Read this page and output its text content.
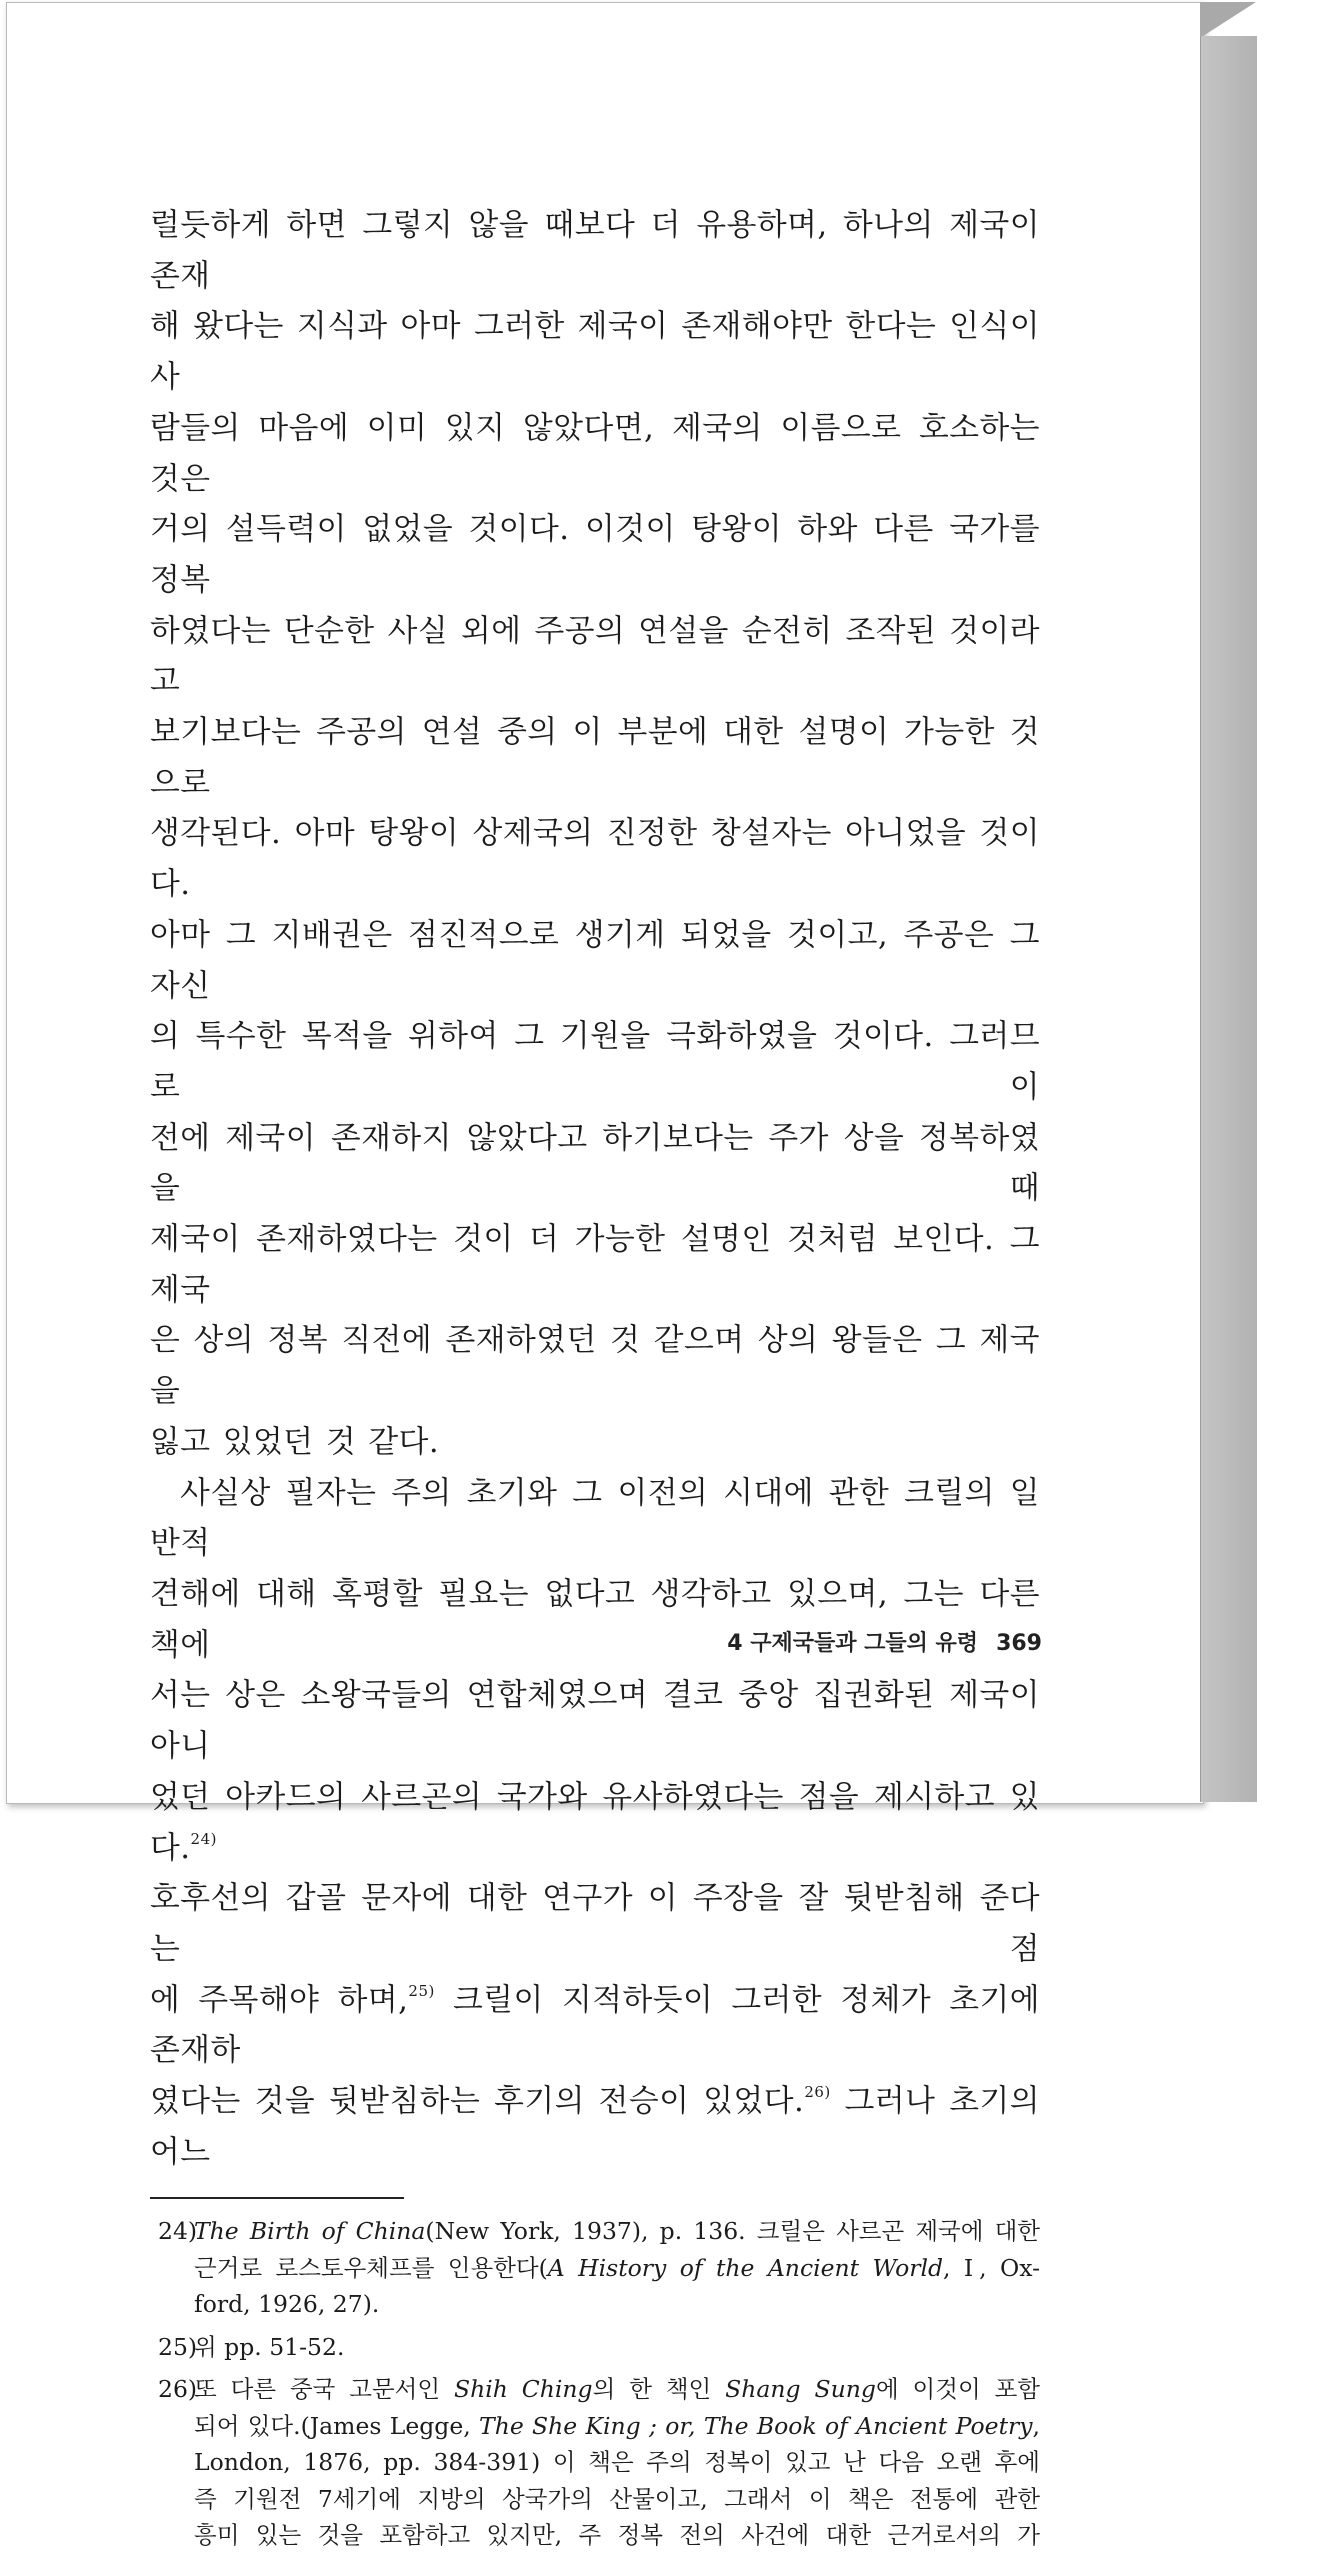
럴듯하게 하면 그렇지 않을 때보다 더 유용하며, 하나의 제국이 존재

해 왔다는 지식과 아마 그러한 제국이 존재해야만 한다는 인식이 사

람들의 마음에 이미 있지 않았다면, 제국의 이름으로 호소하는 것은

거의 설득력이 없었을 것이다. 이것이 탕왕이 하와 다른 국가를 정복

하였다는 단순한 사실 외에 주공의 연설을 순전히 조작된 것이라고

보기보다는 주공의 연설 중의 이 부분에 대한 설명이 가능한 것으로

생각된다. 아마 탕왕이 상제국의 진정한 창설자는 아니었을 것이다.

아마 그 지배권은 점진적으로 생기게 되었을 것이고, 주공은 그 자신

의 특수한 목적을 위하여 그 기원을 극화하였을 것이다. 그러므로 이

전에 제국이 존재하지 않았다고 하기보다는 주가 상을 정복하였을 때

제국이 존재하였다는 것이 더 가능한 설명인 것처럼 보인다. 그 제국

은 상의 정복 직전에 존재하였던 것 같으며 상의 왕들은 그 제국을

잃고 있었던 것 같다.

사실상 필자는 주의 초기와 그 이전의 시대에 관한 크릴의 일반적

견해에 대해 혹평할 필요는 없다고 생각하고 있으며, 그는 다른 책에

서는 상은 소왕국들의 연합체였으며 결코 중앙 집권화된 제국이 아니

었던 아카드의 사르곤의 국가와 유사하였다는 점을 제시하고 있다.$^{24)}$

호후선의 갑골 문자에 대한 연구가 이 주장을 잘 뒷받침해 준다는 점

에 주목해야 하며,$^{25)}$ 크릴이 지적하듯이 그러한 정체가 초기에 존재하

였다는 것을 뒷받침하는 후기의 전승이 있었다.$^{26)}$ 그러나 초기의 어느

24)
The Birth of China(New York, 1937), p. 136. 크릴은 사르곤 제국에 대한
근거로 로스토우체프를 인용한다(A History of the Ancient World, Ⅰ, Ox-
ford, 1926, 27).
25)
위 pp. 51-52.
26)
또 다른 중국 고문서인 Shih Ching의 한 책인 Shang Sung에 이것이 포함
되어 있다.(James Legge, The She King ; or, The Book of Ancient Poetry,
London, 1876, pp. 384-391) 이 책은 주의 정복이 있고 난 다음 오랜 후에
즉 기원전 7세기에 지방의 상국가의 산물이고, 그래서 이 책은 전통에 관한
흥미 있는 것을 포함하고 있지만, 주 정복 전의 사건에 대한 근거로서의 가
4 구제국들과 그들의 유령 369
